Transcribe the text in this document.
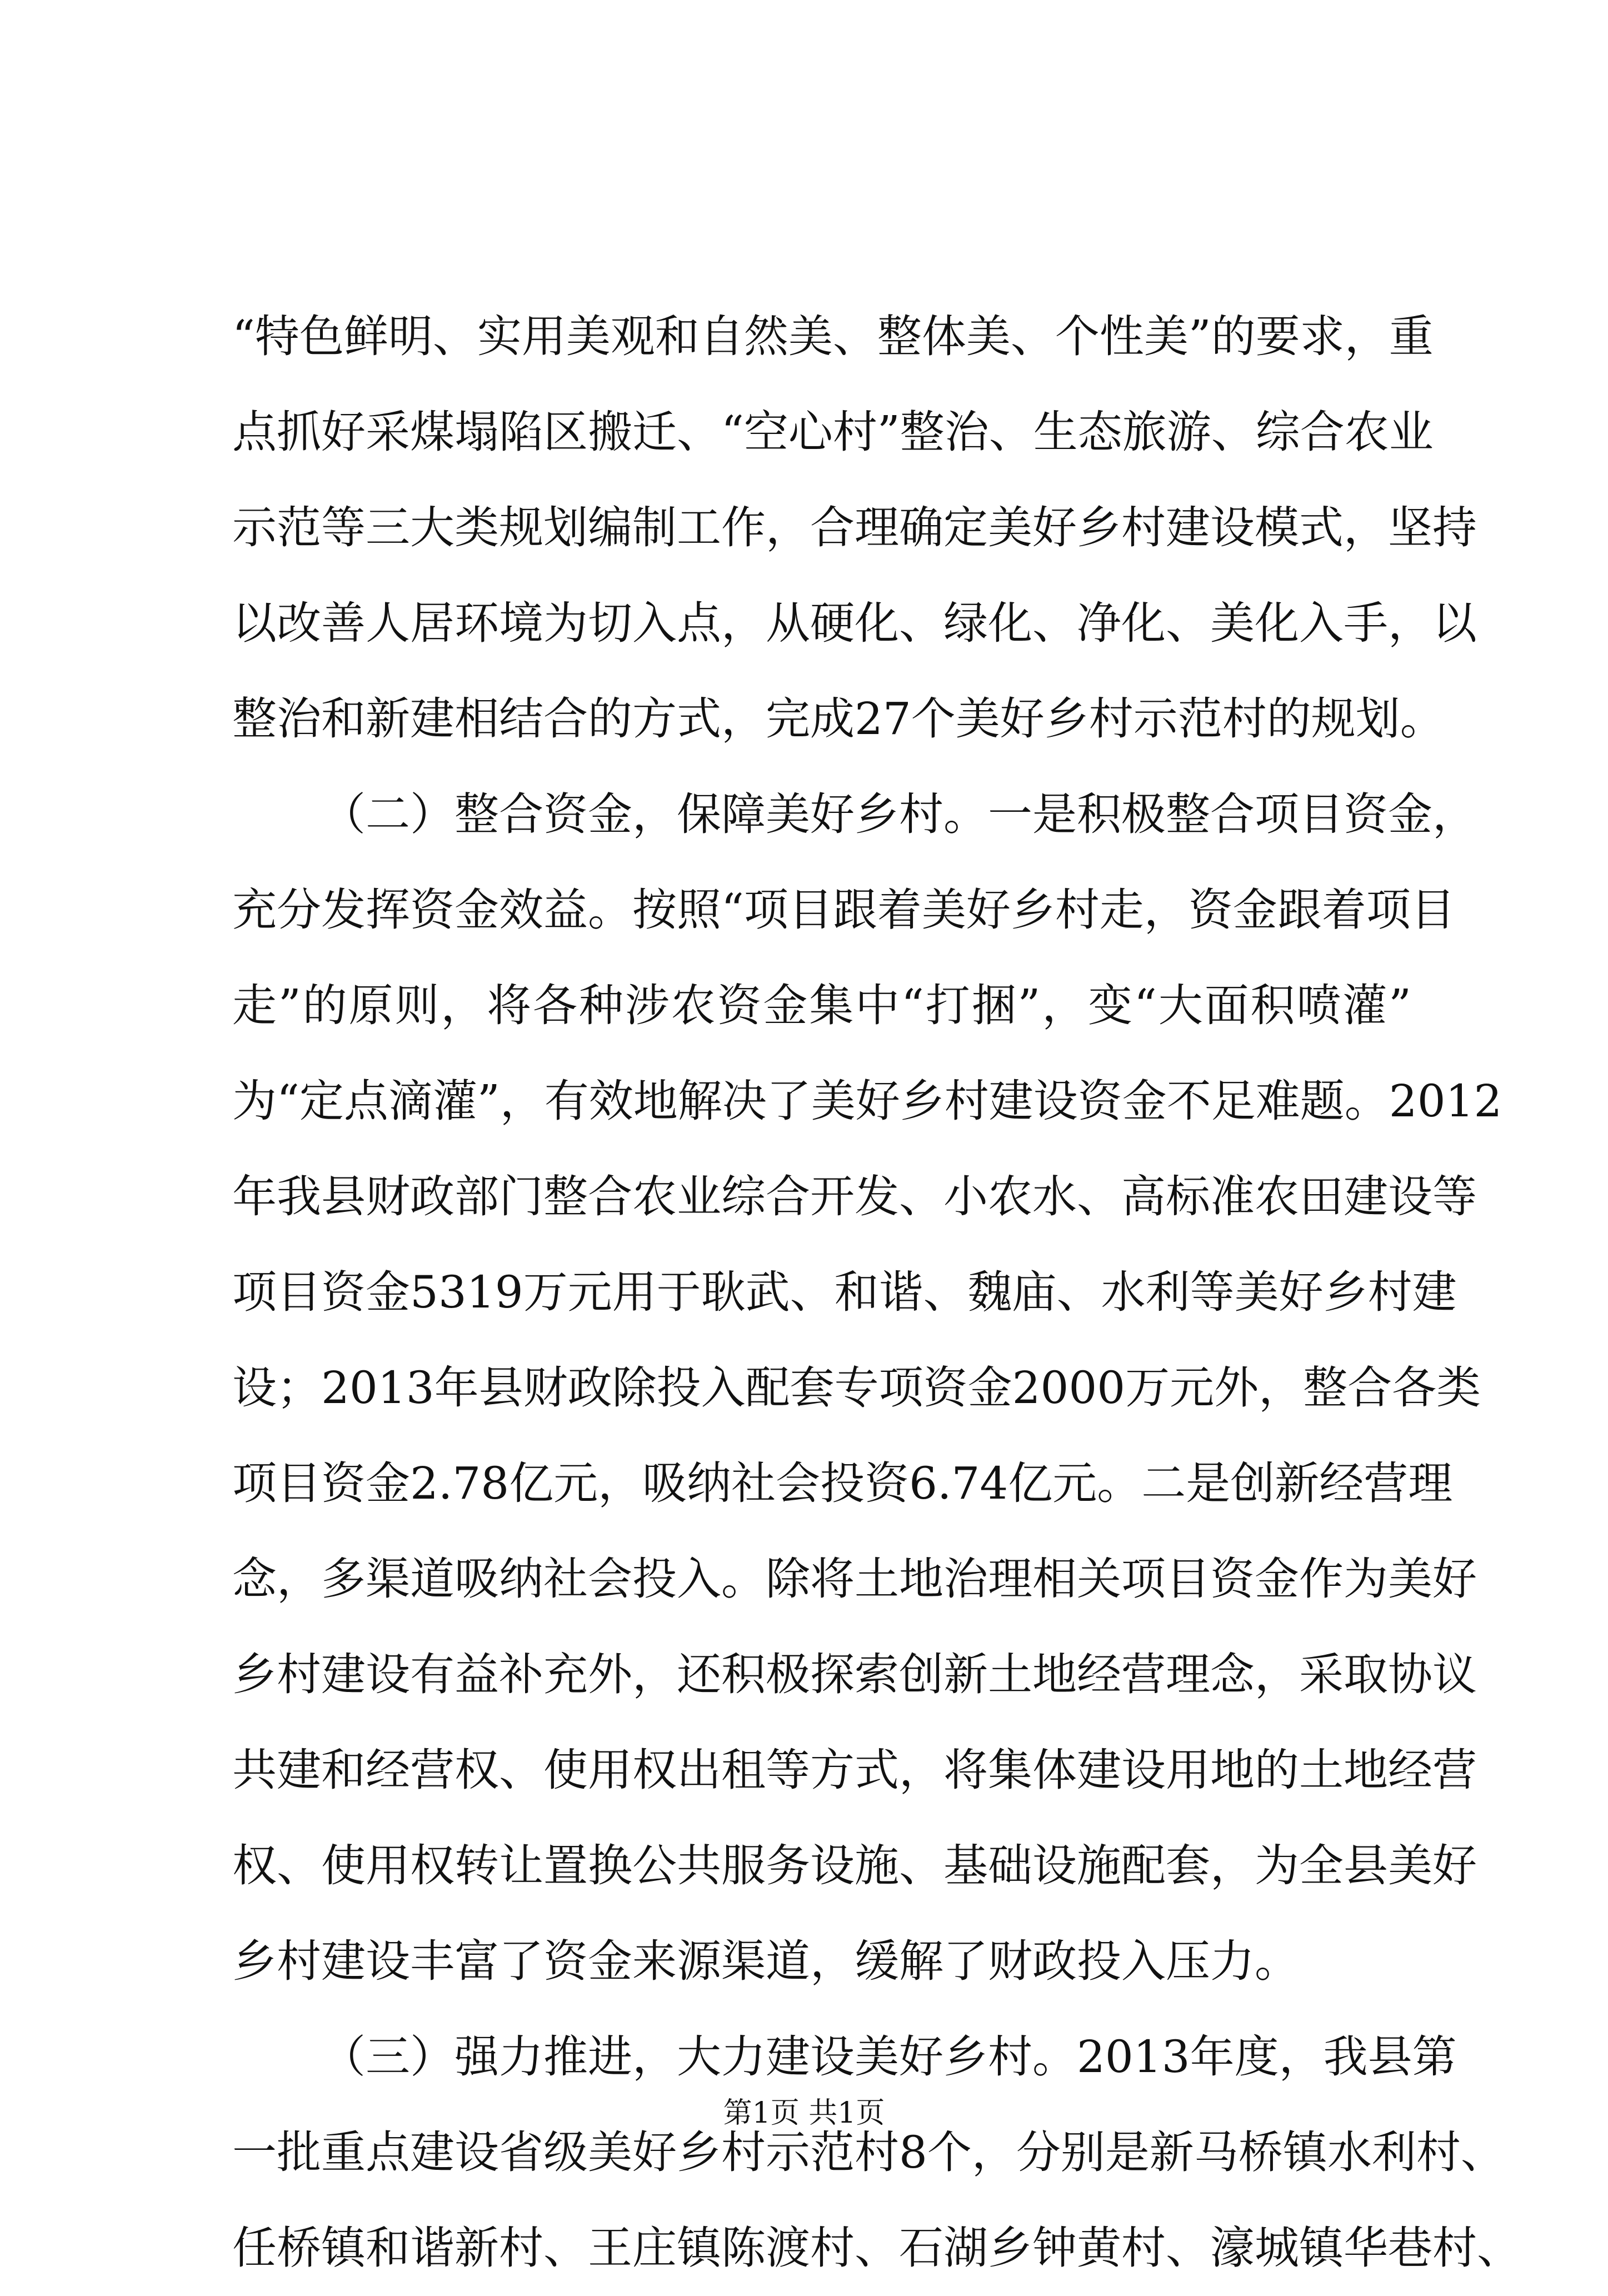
“特色鲜明、实用美观和自然美、整体美、个性美”的要求，重
点抓好采煤塌陷区搬迁、“空心村”整治、生态旅游、综合农业
示范等三大类规划编制工作，合理确定美好乡村建设模式，坚持
以改善人居环境为切入点，从硬化、绿化、净化、美化入手，以
整治和新建相结合的方式，完成27个美好乡村示范村的规划。
（二）整合资金，保障美好乡村。一是积极整合项目资金，
充分发挥资金效益。按照“项目跟着美好乡村走，资金跟着项目
走”的原则，将各种涉农资金集中“打捆”，变“大面积喷灌”
为“定点滴灌”，有效地解决了美好乡村建设资金不足难题。2012
年我县财政部门整合农业综合开发、小农水、高标准农田建设等
项目资金5319万元用于耿武、和谐、魏庙、水利等美好乡村建
设；2013年县财政除投入配套专项资金2000万元外，整合各类
项目资金2.78亿元，吸纳社会投资6.74亿元。二是创新经营理
念，多渠道吸纳社会投入。除将土地治理相关项目资金作为美好
乡村建设有益补充外，还积极探索创新土地经营理念，采取协议
共建和经营权、使用权出租等方式，将集体建设用地的土地经营
权、使用权转让置换公共服务设施、基础设施配套，为全县美好
乡村建设丰富了资金来源渠道，缓解了财政投入压力。
（三）强力推进，大力建设美好乡村。2013年度，我县第
一批重点建设省级美好乡村示范村8个，分别是新马桥镇水利村、
任桥镇和谐新村、王庄镇陈渡村、石湖乡钟黄村、濠城镇华巷村、
第1页 共1页
